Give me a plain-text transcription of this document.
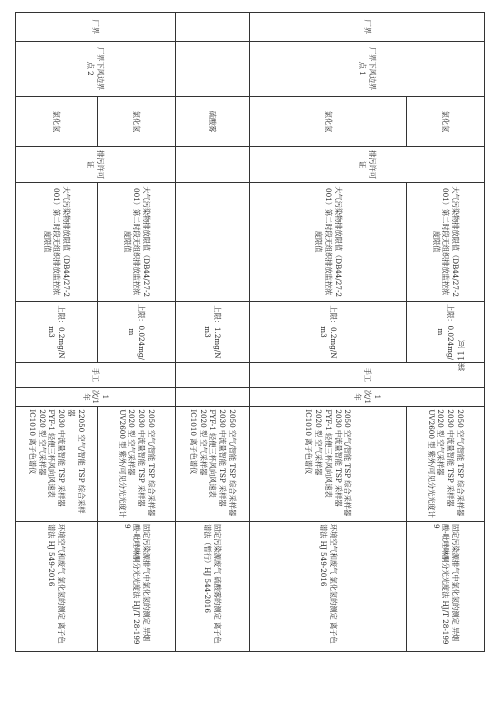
厂界	厂界下风边界点 1	氯化氢	排污许可证	大气污染物排放限值（DB44/27-2001）第二时段无组织排放监控浓度限值	上限：0.024mg/m	手工	1 次/1 年	2050 空气/智能 TSP 综合采样器
2030 中流量智能 TSP 采样器
2020 型 空气采样器
UV2600 型 紫外/可见分光光度计	固定污染源排气中氯化氢的测定 异烟酸-吡唑啉酮分光光度法 HJ/T 28-1999
		氯化氢		大气污染物排放限值（DB44/27-2001）第二时段无组织排放监控浓度限值	上限：0.2mg/Nm3			2050 空气/智能 TSP 综合采样器
2030 中流量智能 TSP 采样器
FYF-1 轻便三杯风向风速表
2020 型 空气采样器
IC1010 离子色谱仪	环境空气和废气 氯化氢的测定 离子色谱法 HJ 549-2016

		硫酸雾			上限：1.2mg/Nm3			2050 空气/智能 TSP 综合采样器
2030 中流量智能 TSP 采样器
FYF-1 轻便三杯风向风速表
2020 型 空气采样器
IC1010 离子色谱仪	固定污染源废气 硫酸雾的测定 离子色谱法（暂行）HJ 544-2016
厂界	厂界下风边界点 2	氯化氢	排污许可证	大气污染物排放限值（DB44/27-2001）第二时段无组织排放监控浓度限值	上限：0.024mg/m	手工	1 次/1 年	2050 空气/智能 TSP 综合采样器
2030 中流量智能 TSP 采样器
2020 型 空气采样器
UV2600 型 紫外/可见分光光度计	固定污染源排气中氯化氢的测定 异烟酸-吡唑啉酮分光光度法 HJ/T 28-1999
		氯化氢		大气污染物排放限值（DB44/27-2001）第二时段无组织排放监控浓度限值	上限：0.2mg/Nm3			22050 空气/智能 TSP 综合采样器
2030 中流量智能 TSP 采样器
FYF-1 轻便三杯风向风速表
2020 型 空气采样器
IC1010 离子色谱仪	环境空气和废气 氯化氢的测定 离子色谱法 HJ 549-2016
第 11 页
